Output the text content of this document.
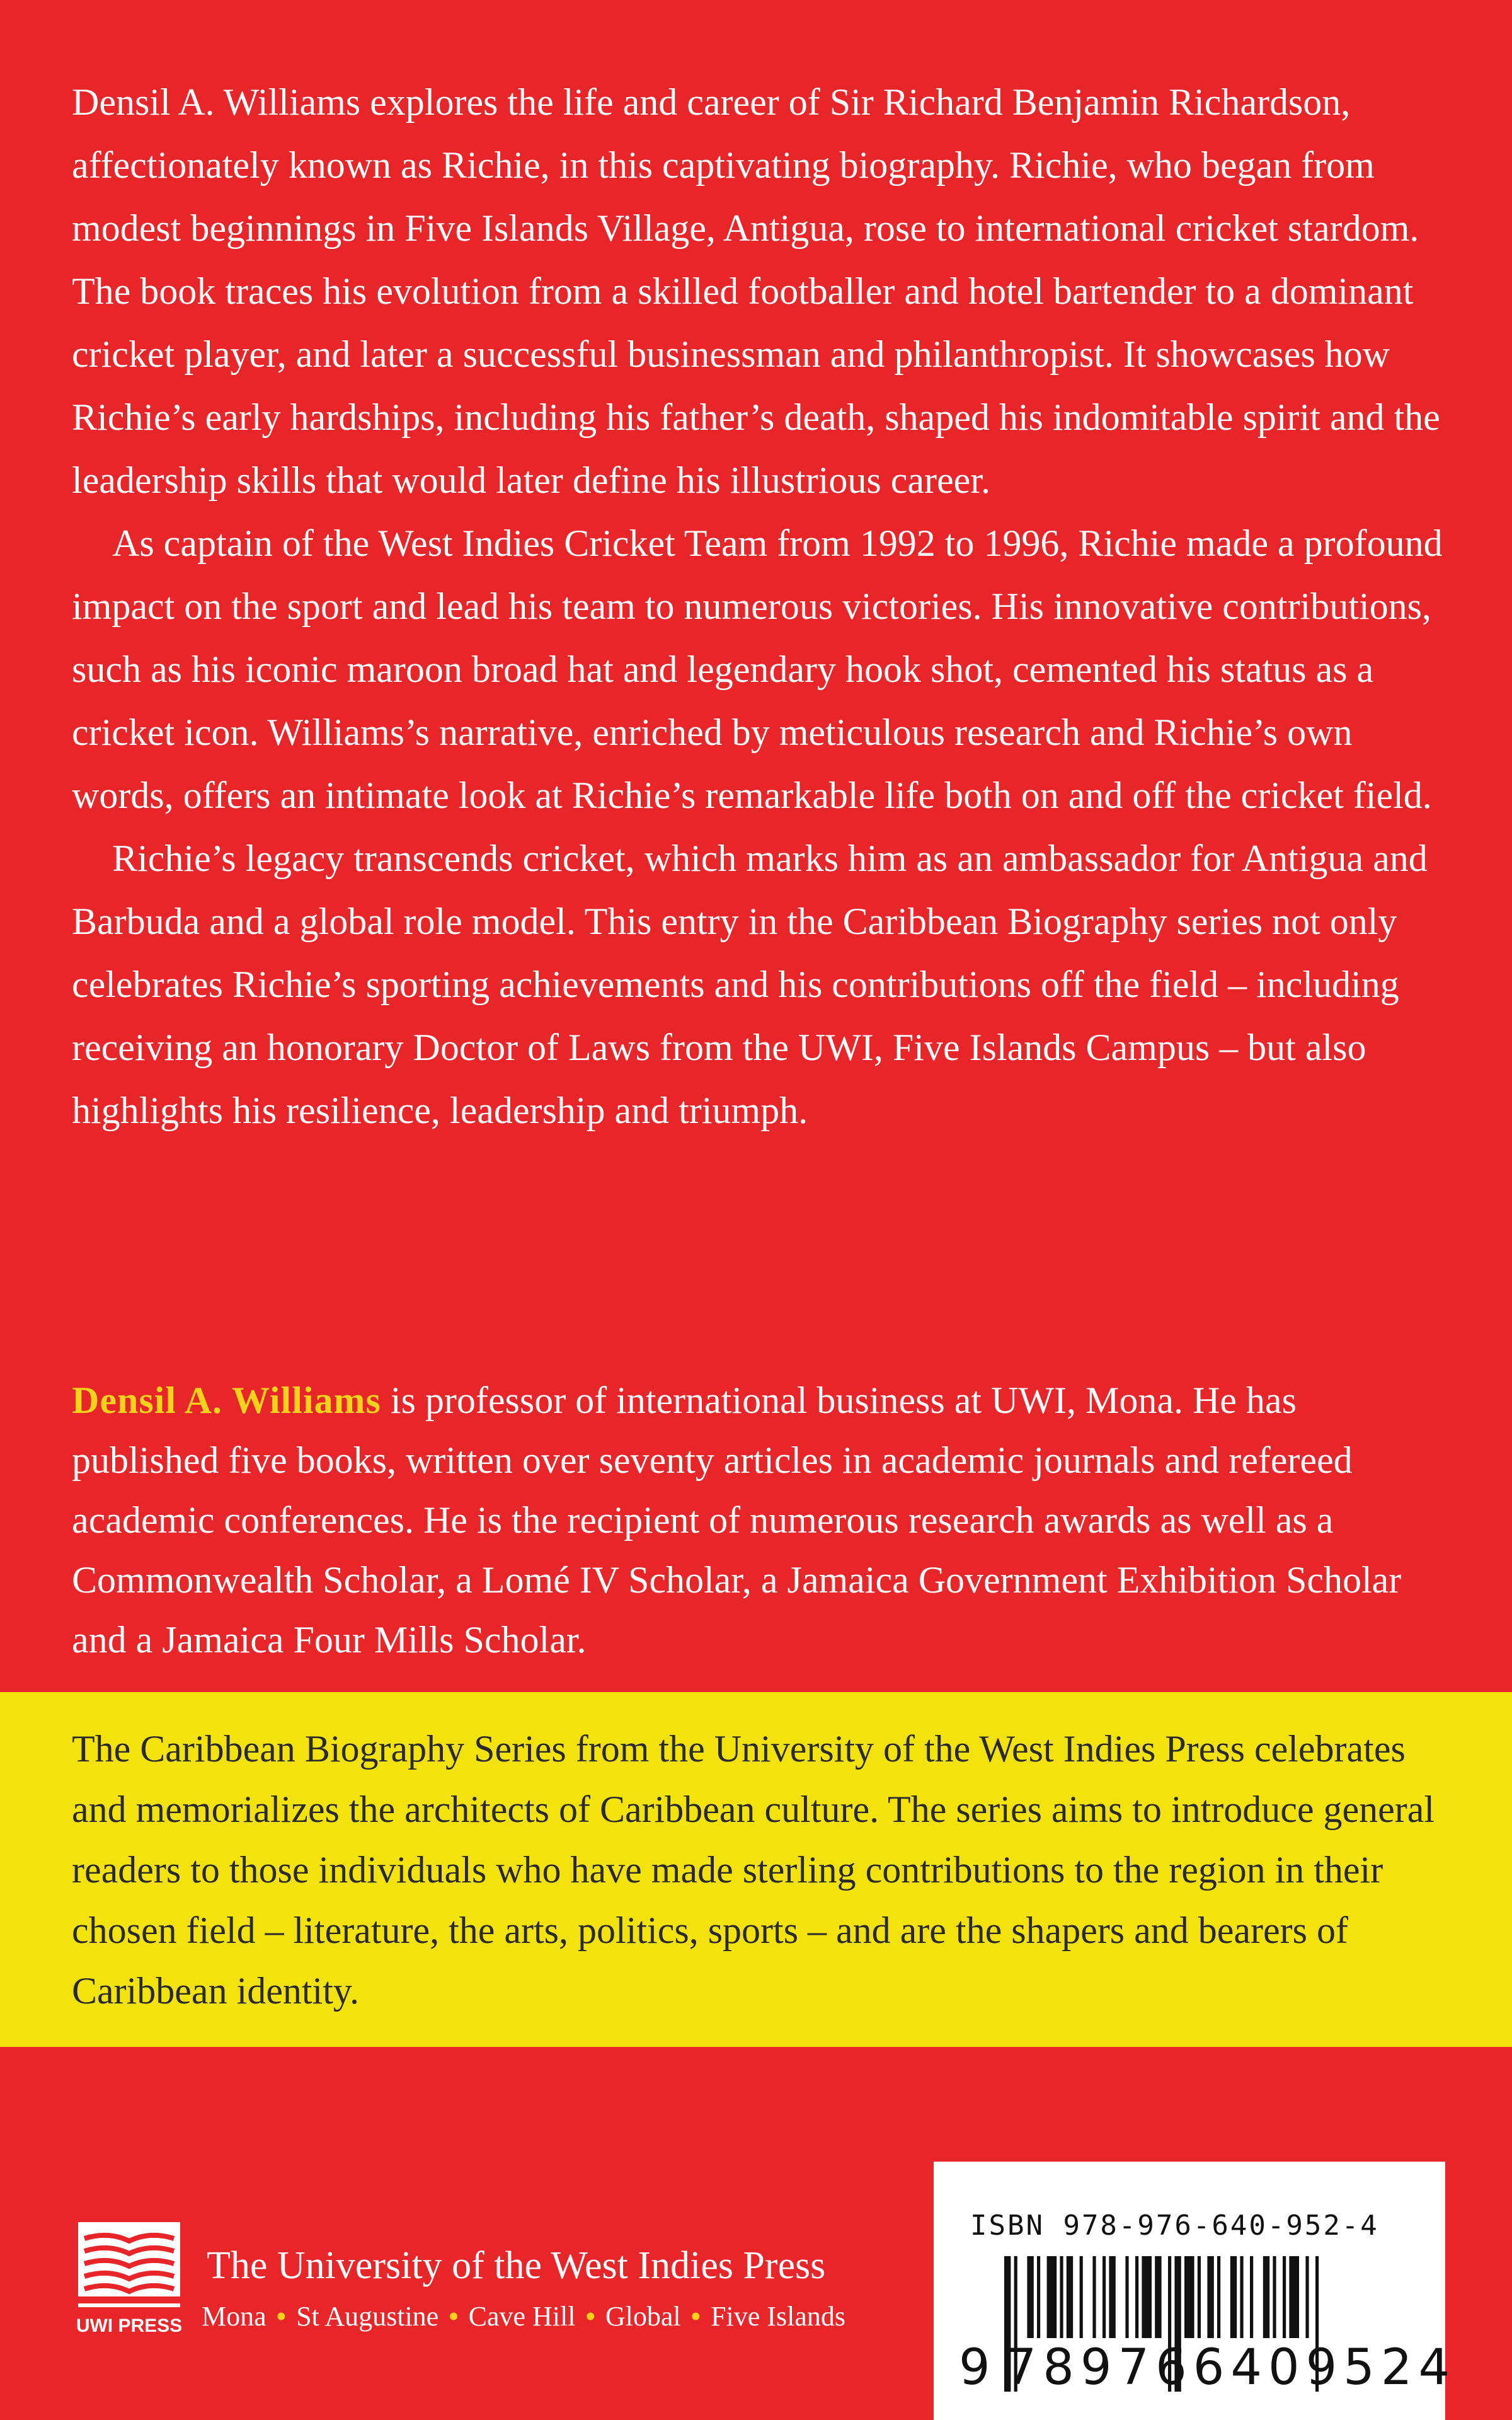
Densil A. Williams explores the life and career of Sir Richard Benjamin Richardson, affectionately known as Richie, in this captivating biography. Richie, who began from modest beginnings in Five Islands Village, Antigua, rose to international cricket stardom. The book traces his evolution from a skilled footballer and hotel bartender to a dominant cricket player, and later a successful businessman and philanthropist. It showcases how Richie’s early hardships, including his father’s death, shaped his indomitable spirit and the leadership skills that would later define his illustrious career.

As captain of the West Indies Cricket Team from 1992 to 1996, Richie made a profound impact on the sport and lead his team to numerous victories. His innovative contributions, such as his iconic maroon broad hat and legendary hook shot, cemented his status as a cricket icon. Williams’s narrative, enriched by meticulous research and Richie’s own words, offers an intimate look at Richie’s remarkable life both on and off the cricket field.

Richie’s legacy transcends cricket, which marks him as an ambassador for Antigua and Barbuda and a global role model. This entry in the Caribbean Biography series not only celebrates Richie’s sporting achievements and his contributions off the field – including receiving an honorary Doctor of Laws from the UWI, Five Islands Campus – but also highlights his resilience, leadership and triumph.

Densil A. Williams is professor of international business at UWI, Mona. He has published five books, written over seventy articles in academic journals and refereed academic conferences. He is the recipient of numerous research awards as well as a Commonwealth Scholar, a Lomé IV Scholar, a Jamaica Government Exhibition Scholar and a Jamaica Four Mills Scholar.

The Caribbean Biography Series from the University of the West Indies Press celebrates and memorializes the architects of Caribbean culture. The series aims to introduce general readers to those individuals who have made sterling contributions to the region in their chosen field – literature, the arts, politics, sports – and are the shapers and bearers of Caribbean identity.

UWI PRESS
The University of the West Indies Press
Mona • St Augustine • Cave Hill • Global • Five Islands
ISBN 978-976-640-952-4
9 789766409524
